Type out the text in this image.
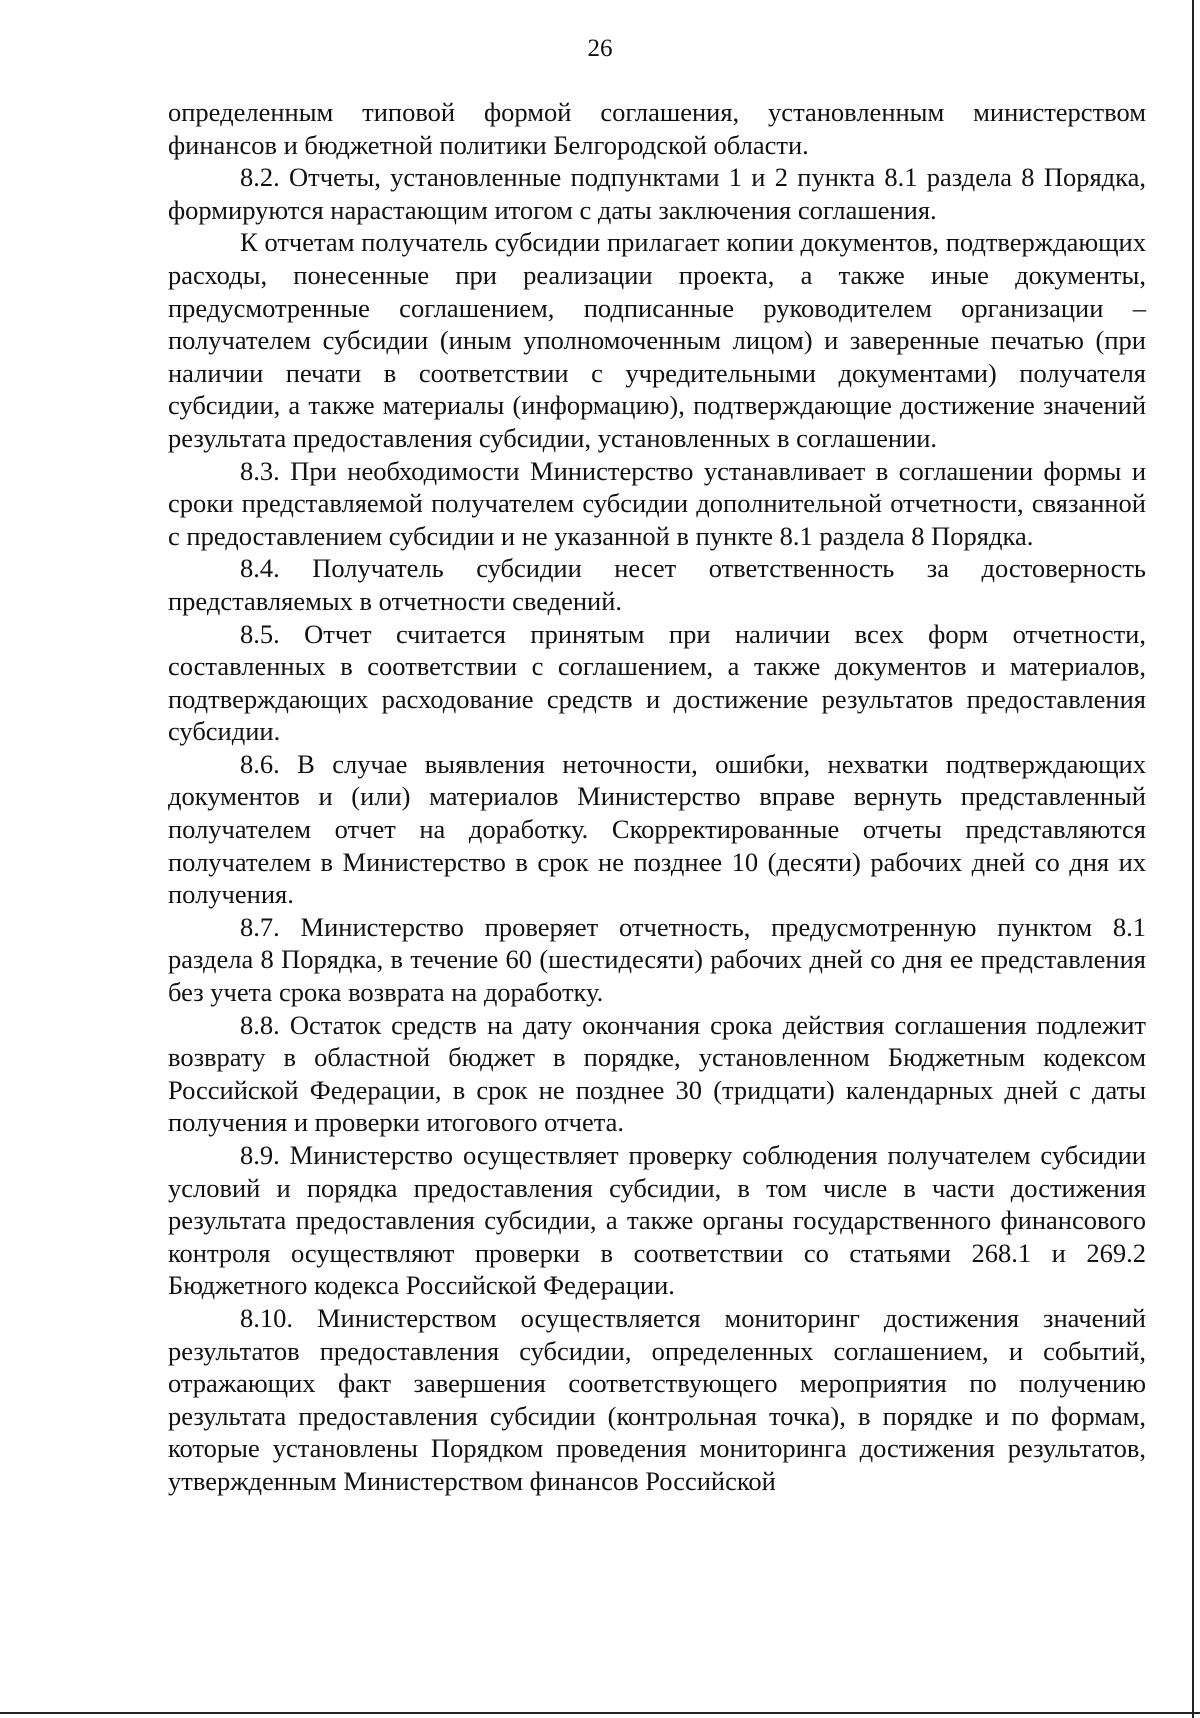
26

определенным типовой формой соглашения, установленным министерством финансов и бюджетной политики Белгородской области.

8.2. Отчеты, установленные подпунктами 1 и 2 пункта 8.1 раздела 8 Порядка, формируются нарастающим итогом с даты заключения соглашения.

К отчетам получатель субсидии прилагает копии документов, подтверждающих расходы, понесенные при реализации проекта, а также иные документы, предусмотренные соглашением, подписанные руководителем организации – получателем субсидии (иным уполномоченным лицом) и заверенные печатью (при наличии печати в соответствии с учредительными документами) получателя субсидии, а также материалы (информацию), подтверждающие достижение значений результата предоставления субсидии, установленных в соглашении.

8.3. При необходимости Министерство устанавливает в соглашении формы и сроки представляемой получателем субсидии дополнительной отчетности, связанной с предоставлением субсидии и не указанной в пункте 8.1 раздела 8 Порядка.

8.4. Получатель субсидии несет ответственность за достоверность представляемых в отчетности сведений.

8.5. Отчет считается принятым при наличии всех форм отчетности, составленных в соответствии с соглашением, а также документов и материалов, подтверждающих расходование средств и достижение результатов предоставления субсидии.

8.6. В случае выявления неточности, ошибки, нехватки подтверждающих документов и (или) материалов Министерство вправе вернуть представленный получателем отчет на доработку. Скорректированные отчеты представляются получателем в Министерство в срок не позднее 10 (десяти) рабочих дней со дня их получения.

8.7. Министерство проверяет отчетность, предусмотренную пунктом 8.1 раздела 8 Порядка, в течение 60 (шестидесяти) рабочих дней со дня ее представления без учета срока возврата на доработку.

8.8. Остаток средств на дату окончания срока действия соглашения подлежит возврату в областной бюджет в порядке, установленном Бюджетным кодексом Российской Федерации, в срок не позднее 30 (тридцати) календарных дней с даты получения и проверки итогового отчета.

8.9. Министерство осуществляет проверку соблюдения получателем субсидии условий и порядка предоставления субсидии, в том числе в части достижения результата предоставления субсидии, а также органы государственного финансового контроля осуществляют проверки в соответствии со статьями 268.1 и 269.2 Бюджетного кодекса Российской Федерации.

8.10. Министерством осуществляется мониторинг достижения значений результатов предоставления субсидии, определенных соглашением, и событий, отражающих факт завершения соответствующего мероприятия по получению результата предоставления субсидии (контрольная точка), в порядке и по формам, которые установлены Порядком проведения мониторинга достижения результатов, утвержденным Министерством финансов Российской
